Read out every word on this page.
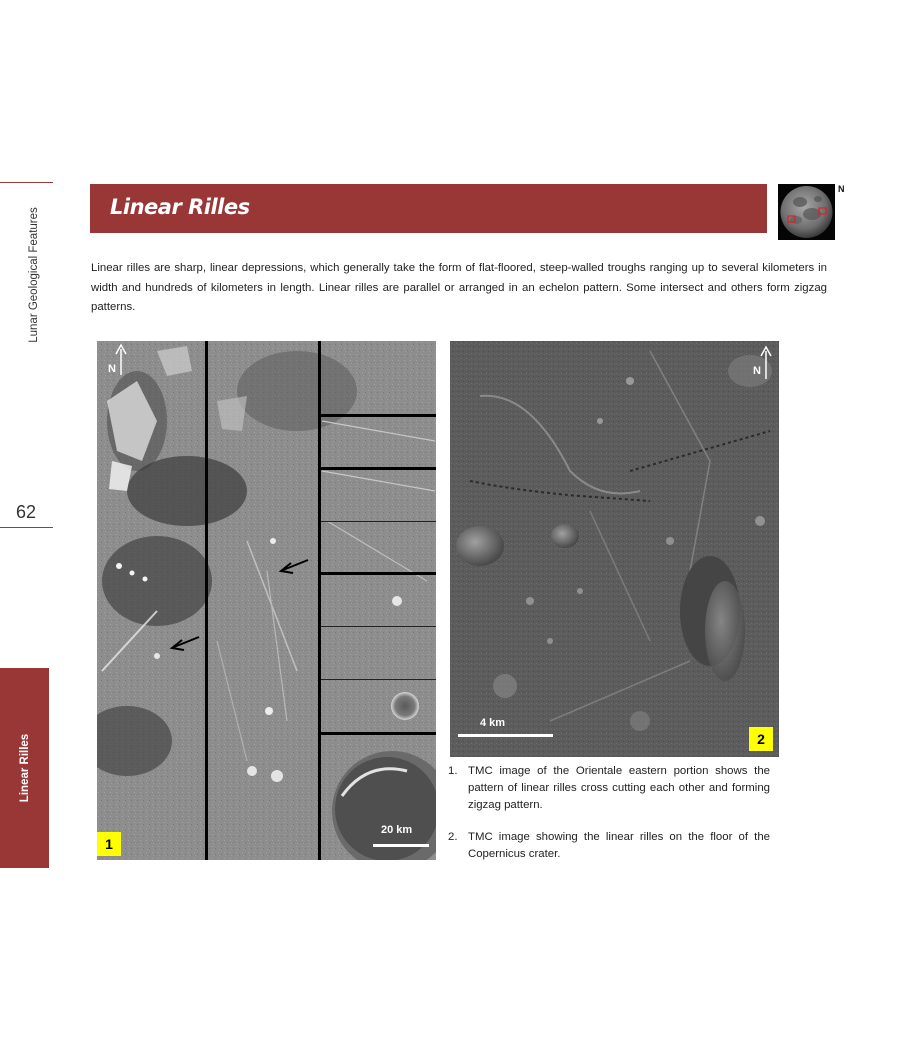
Lunar Geological Features
62
Linear Rilles
Linear Rilles
N
Linear rilles are sharp, linear depressions, which generally take the form of flat-floored, steep-walled troughs ranging up to several kilometers in width and hundreds of kilometers in length. Linear rilles are parallel or arranged in an echelon pattern. Some intersect and others form zigzag patterns.
N
20 km
1
N
4 km
2
1. TMC image of the Orientale eastern portion shows the pattern of linear rilles cross cutting each other and forming zigzag pattern.
2. TMC image showing the linear rilles on the floor of the Copernicus crater.
